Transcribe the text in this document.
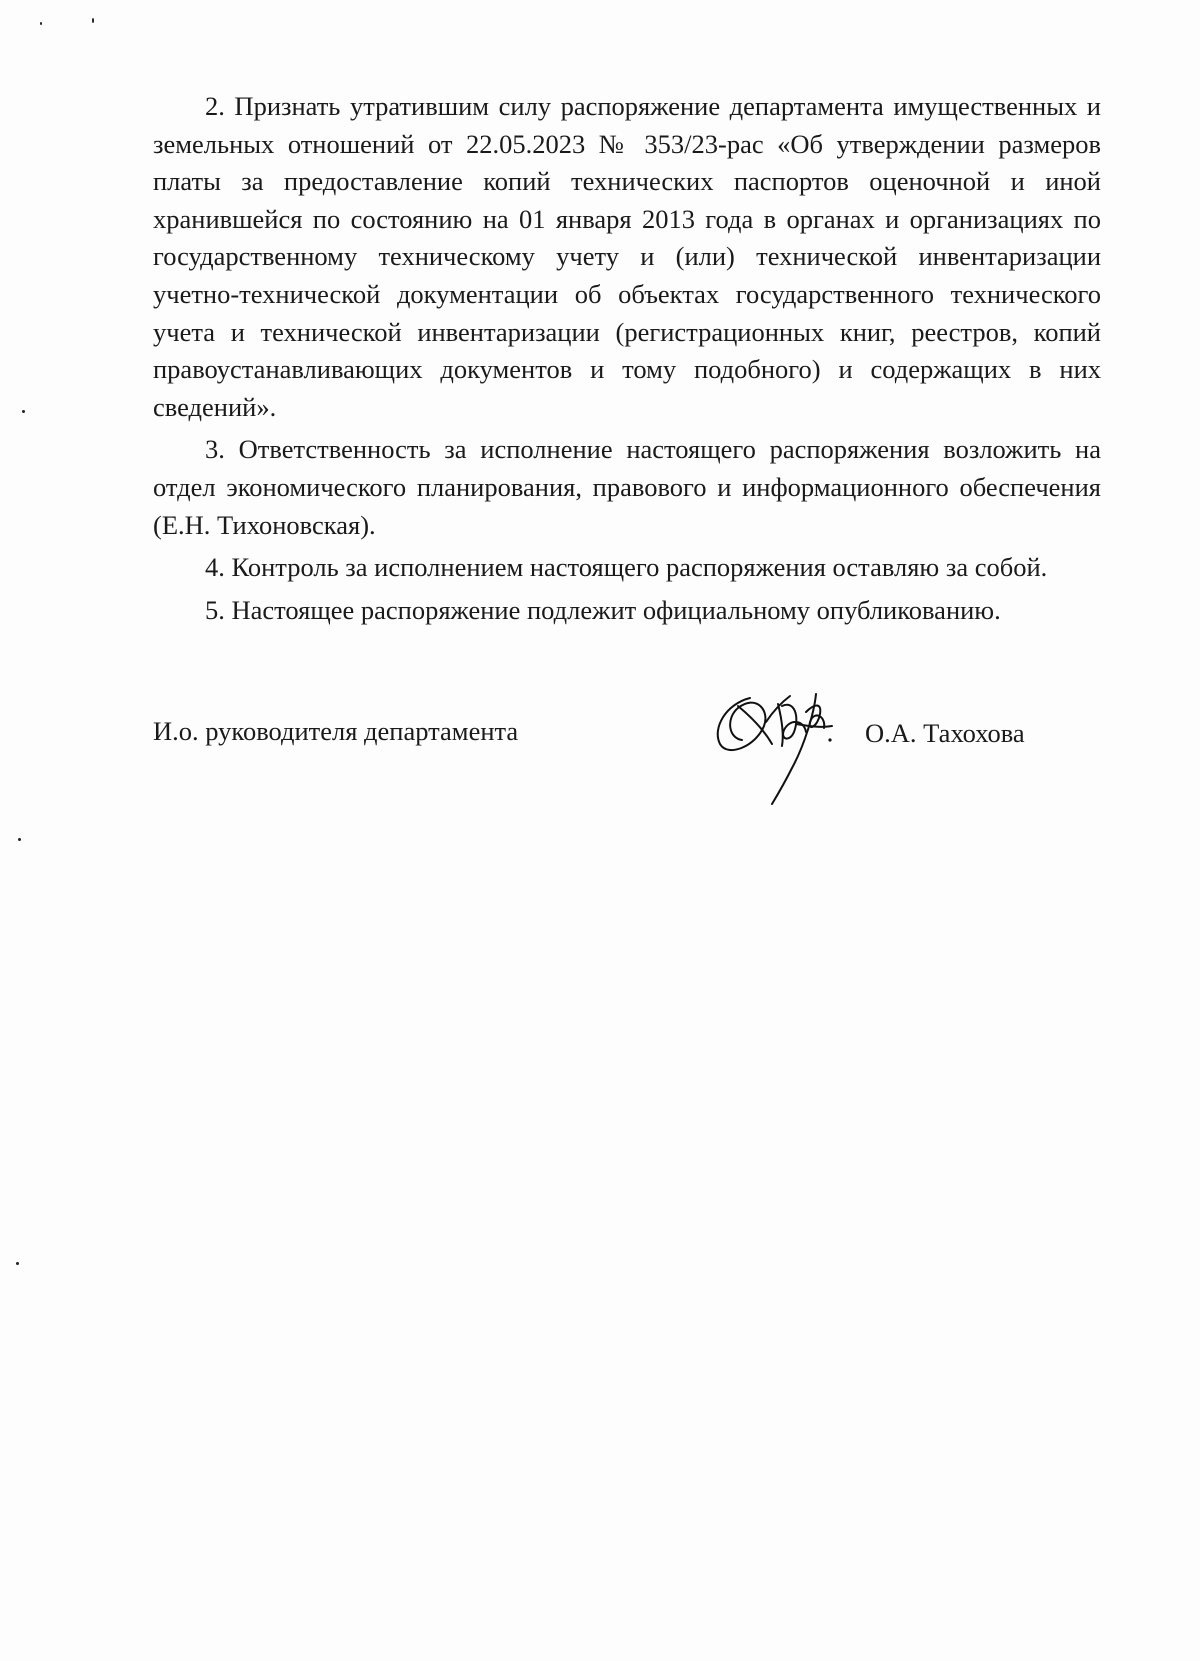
2. Признать утратившим силу распоряжение департамента имущественных и земельных отношений от 22.05.2023 № 353/23-рас «Об утверждении размеров платы за предоставление копий технических паспортов оценочной и иной хранившейся по состоянию на 01 января 2013 года в органах и организациях по государственному техническому учету и (или) технической инвентаризации учетно-технической документации об объектах государственного технического учета и технической инвентаризации (регистрационных книг, реестров, копий правоустанавливающих документов и тому подобного) и содержащих в них сведений».

3. Ответственность за исполнение настоящего распоряжения возложить на отдел экономического планирования, правового и информационного обеспечения (Е.Н. Тихоновская).

4. Контроль за исполнением настоящего распоряжения оставляю за собой.

5. Настоящее распоряжение подлежит официальному опубликованию.

И.о. руководителя департамента	О.А. Тахохова
